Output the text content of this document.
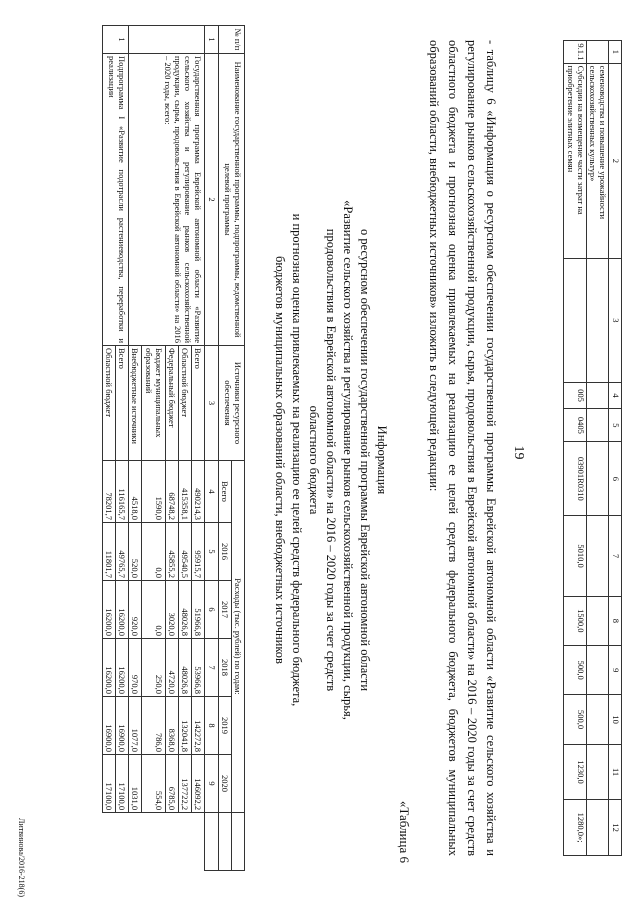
1	2	3	4	5	6	7	8	9	10	11	12
	семеноводства и повышение урожайности сельскохозяйственных культур»										
9.1.1	Субсидии на возмещение части затрат на приобретение элитных семян		005	0405	03901R0310	5010,0	1500,0	500,0	500,0	1230,0	1280,0»;
19
- таблицу 6 «Информация о ресурсном обеспечении государственной программы Еврейской автономной области «Развитие сельского хозяйства и регулирование рынков сельскохозяйственной продукции, сырья, продовольствия в Еврейской автономной области» на 2016 – 2020 годы за счет средств областного бюджета и прогнозная оценка привлекаемых на реализацию ее целей средств федерального бюджета, бюджетов муниципальных образований области, внебюджетных источников» изложить в следующей редакции:
«Таблица 6
Информация
о ресурсном обеспечении государственной программы Еврейской автономной области
«Развитие сельского хозяйства и регулирование рынков сельскохозяйственной продукции, сырья,
продовольствия в Еврейской автономной области» на 2016 – 2020 годы за счет средств областного бюджета
и прогнозная оценка привлекаемых на реализацию ее целей средств федерального бюджета,
бюджетов муниципальных образований области, внебюджетных источников
№ п/п	Наименование государственной программы, подпрограммы, ведомственной целевой программы	Источники ресурсного обеспечения	Расходы (тыс. рублей) по годам:						
			Всего	2016	2017	2018	2019	2020	
1	2	3	4	5	6	7	8	9	
	Государственная программа Еврейской автономной области «Развитие сельского хозяйства и регулирование рынков сельскохозяйственной продукции, сырья, продовольствия в Еврейской автономной области» на 2016 – 2020 годы, всего:	Всего	490214,3	95915,7	51966,8	53966,8	142272,8	146092,2	
		Областной бюджет	415358,1	49540,5	48026,8	48026,8	132041,8	137722,2	
		Федеральный бюджет	68748,2	45855,2	3020,0	4720,0	8368,0	6785,0	
		Бюджет муниципальных образований	1590,0	0,0	0,0	250,0	786,0	554,0	
		Внебюджетные источники	4518,0	520,0	920,0	970,0	1077,0	1031,0	
1	Подпрограмма I «Развитие подотрасли растениеводства, переработки и реализации	Всего	116165,7	49765,7	16200,0	16200,0	16900,0	17100,0	
		Областной бюджет	78201,7	11801,7	16200,0	16200,0	16900,0	17100,0	
Литвинова/2016-218(6)
